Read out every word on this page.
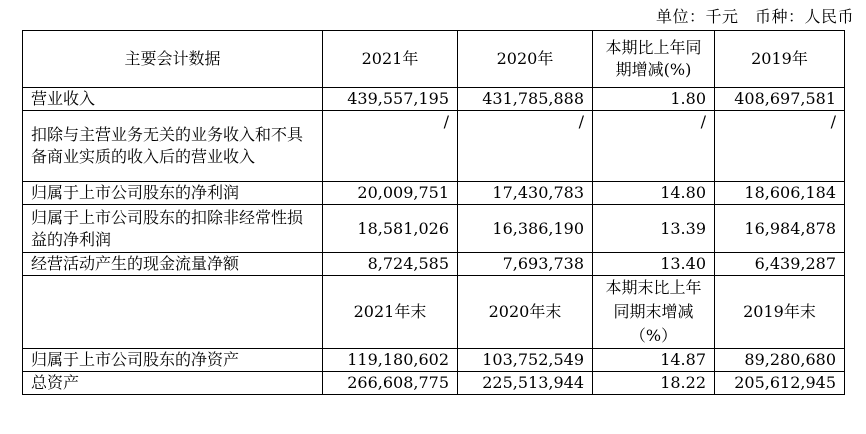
单位：千元　币种：人民币
主要会计数据	2021年	2020年	本期比上年同期增减(%)	2019年
营业收入	439,557,195	431,785,888	1.80	408,697,581
扣除与主营业务无关的业务收入和不具备商业实质的收入后的营业收入	/	/	/	/
归属于上市公司股东的净利润	20,009,751	17,430,783	14.80	18,606,184
归属于上市公司股东的扣除非经常性损益的净利润	18,581,026	16,386,190	13.39	16,984,878
经营活动产生的现金流量净额	8,724,585	7,693,738	13.40	6,439,287
	2021年末	2020年末	本期末比上年同期末增减（%）	2019年末
归属于上市公司股东的净资产	119,180,602	103,752,549	14.87	89,280,680
总资产	266,608,775	225,513,944	18.22	205,612,945
